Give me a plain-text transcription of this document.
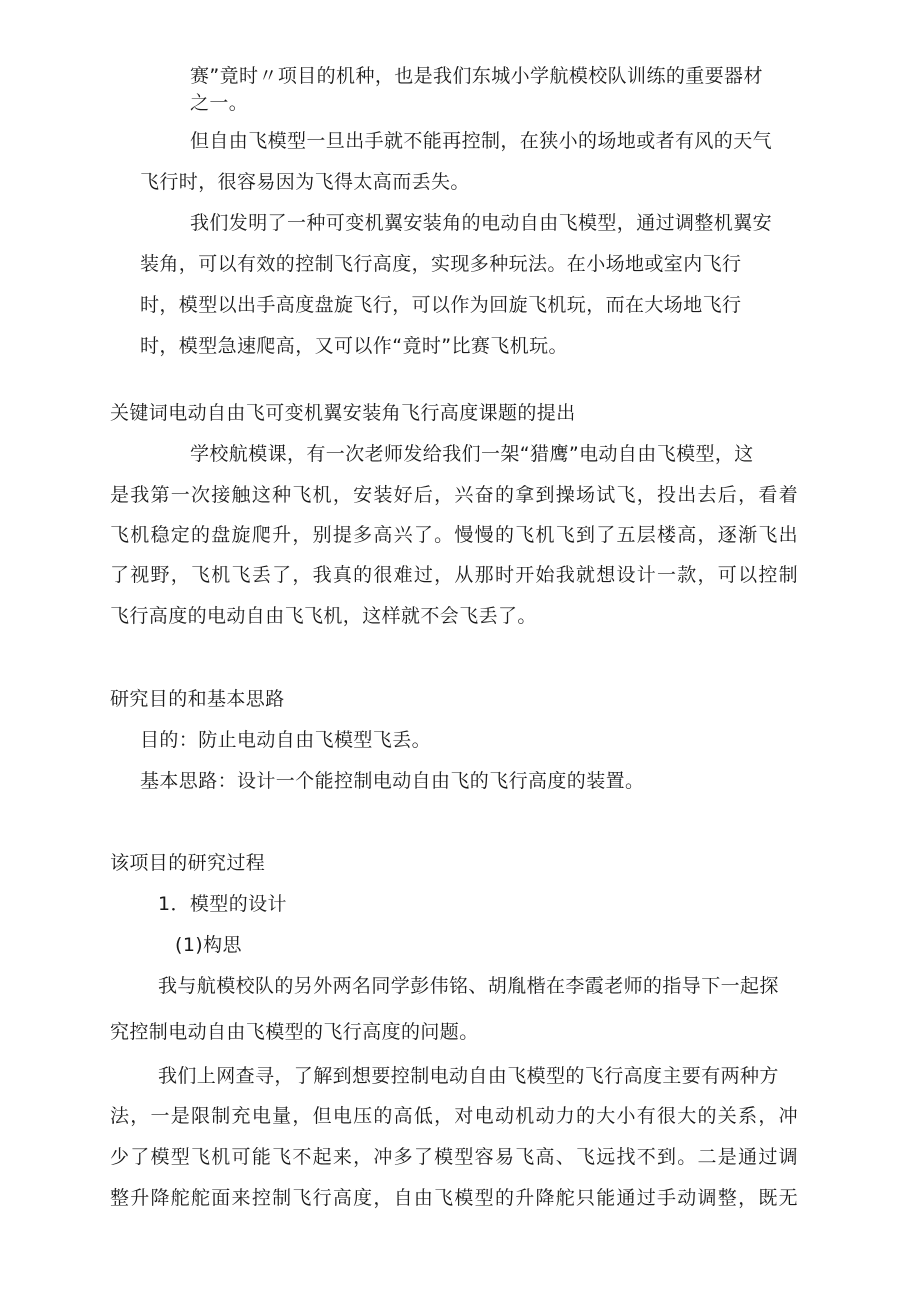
赛”竟时〃项目的机种，也是我们东城小学航模校队训练的重要器材
之一。
但自由飞模型一旦出手就不能再控制，在狭小的场地或者有风的天气
飞行时，很容易因为飞得太高而丢失。
我们发明了一种可变机翼安装角的电动自由飞模型，通过调整机翼安
装角，可以有效的控制飞行高度，实现多种玩法。在小场地或室内飞行
时，模型以出手高度盘旋飞行，可以作为回旋飞机玩，而在大场地飞行
时，模型急速爬高，又可以作“竟时”比赛飞机玩。
关键词电动自由飞可变机翼安装角飞行高度课题的提出
学校航模课，有一次老师发给我们一架“猎鹰”电动自由飞模型，这
是我第一次接触这种飞机，安装好后，兴奋的拿到操场试飞，投出去后，看着
飞机稳定的盘旋爬升，别提多高兴了。慢慢的飞机飞到了五层楼高，逐渐飞出
了视野，飞机飞丢了，我真的很难过，从那时开始我就想设计一款，可以控制
飞行高度的电动自由飞飞机，这样就不会飞丢了。
研究目的和基本思路
目的：防止电动自由飞模型飞丢。
基本思路：设计一个能控制电动自由飞的飞行高度的装置。
该项目的研究过程
1．模型的设计
(1)构思
我与航模校队的另外两名同学彭伟铭、胡胤楷在李霞老师的指导下一起探
究控制电动自由飞模型的飞行高度的问题。
我们上网查寻，了解到想要控制电动自由飞模型的飞行高度主要有两种方
法，一是限制充电量，但电压的高低，对电动机动力的大小有很大的关系，冲
少了模型飞机可能飞不起来，冲多了模型容易飞高、飞远找不到。二是通过调
整升降舵舵面来控制飞行高度，自由飞模型的升降舵只能通过手动调整，既无
